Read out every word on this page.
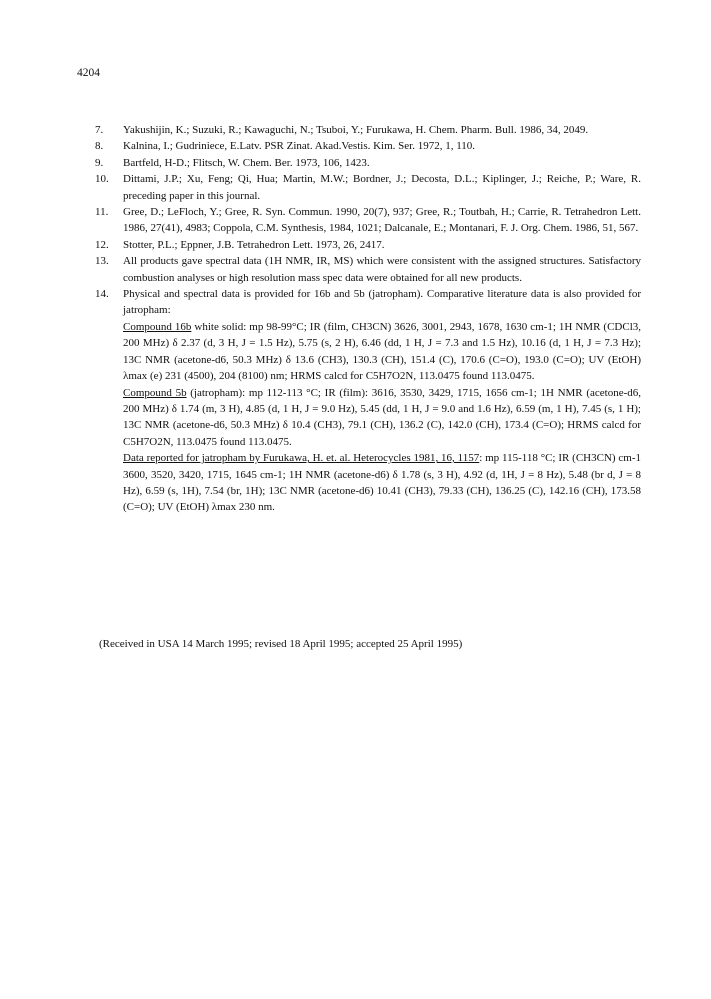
4204
7.	Yakushijin, K.; Suzuki, R.; Kawaguchi, N.; Tsuboi, Y.; Furukawa, H. Chem. Pharm. Bull. 1986, 34, 2049.
8.	Kalnina, I.; Gudriniece, E.Latv. PSR Zinat. Akad.Vestis. Kim. Ser. 1972, 1, 110.
9.	Bartfeld, H-D.; Flitsch, W. Chem. Ber. 1973, 106, 1423.
10.	Dittami, J.P.; Xu, Feng; Qi, Hua; Martin, M.W.; Bordner, J.; Decosta, D.L.; Kiplinger, J.; Reiche, P.; Ware, R. preceding paper in this journal.
11.	Gree, D.; LeFloch, Y.; Gree, R. Syn. Commun. 1990, 20(7), 937; Gree, R.; Toutbah, H.; Carrie, R. Tetrahedron Lett. 1986, 27(41), 4983; Coppola, C.M. Synthesis, 1984, 1021; Dalcanale, E.; Montanari, F. J. Org. Chem. 1986, 51, 567.
12.	Stotter, P.L.; Eppner, J.B. Tetrahedron Lett. 1973, 26, 2417.
13.	All products gave spectral data (1H NMR, IR, MS) which were consistent with the assigned structures. Satisfactory combustion analyses or high resolution mass spec data were obtained for all new products.
14.	Physical and spectral data is provided for 16b and 5b (jatropham). Comparative literature data is also provided for jatropham:
Compound 16b white solid: mp 98-99°C; IR (film, CH3CN) 3626, 3001, 2943, 1678, 1630 cm-1; 1H NMR (CDCl3, 200 MHz) δ 2.37 (d, 3 H, J = 1.5 Hz), 5.75 (s, 2 H), 6.46 (dd, 1 H, J = 7.3 and 1.5 Hz), 10.16 (d, 1 H, J = 7.3 Hz); 13C NMR (acetone-d6, 50.3 MHz) δ 13.6 (CH3), 130.3 (CH), 151.4 (C), 170.6 (C=O), 193.0 (C=O); UV (EtOH) λmax (e) 231 (4500), 204 (8100) nm; HRMS calcd for C5H7O2N, 113.0475 found 113.0475.
Compound 5b (jatropham): mp 112-113 °C; IR (film): 3616, 3530, 3429, 1715, 1656 cm-1; 1H NMR (acetone-d6, 200 MHz) δ 1.74 (m, 3 H), 4.85 (d, 1 H, J = 9.0 Hz), 5.45 (dd, 1 H, J = 9.0 and 1.6 Hz), 6.59 (m, 1 H), 7.45 (s, 1 H); 13C NMR (acetone-d6, 50.3 MHz) δ 10.4 (CH3), 79.1 (CH), 136.2 (C), 142.0 (CH), 173.4 (C=O); HRMS calcd for C5H7O2N, 113.0475 found 113.0475.
Data reported for jatropham by Furukawa, H. et. al. Heterocycles 1981, 16, 1157: mp 115-118 °C; IR (CH3CN) cm-1 3600, 3520, 3420, 1715, 1645 cm-1; 1H NMR (acetone-d6) δ 1.78 (s, 3 H), 4.92 (d, 1H, J = 8 Hz), 5.48 (br d, J = 8 Hz), 6.59 (s, 1H), 7.54 (br, 1H); 13C NMR (acetone-d6) 10.41 (CH3), 79.33 (CH), 136.25 (C), 142.16 (CH), 173.58 (C=O); UV (EtOH) λmax 230 nm.
(Received in USA 14 March 1995; revised 18 April 1995; accepted 25 April 1995)
